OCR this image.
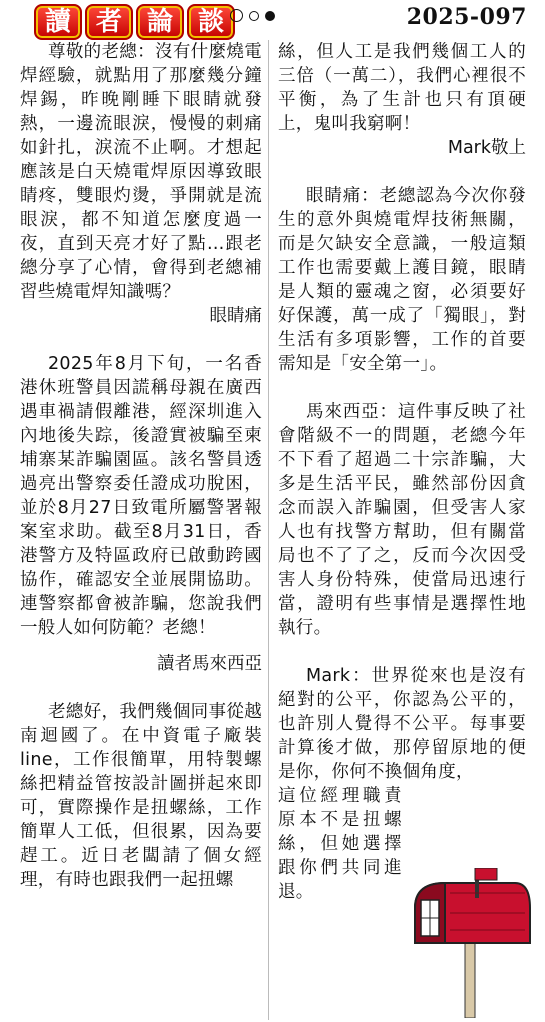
讀 者 論 談	2025-097

尊敬的老總：沒有什麼燒電焊經驗，就點用了那麼幾分鐘焊錫，昨晚剛睡下眼睛就發熱，一邊流眼淚，慢慢的刺痛如針扎，淚流不止啊。才想起應該是白天燒電焊原因導致眼睛疼，雙眼灼燙，爭開就是流眼淚，都不知道怎麼度過一夜，直到天亮才好了點…跟老總分享了心情，會得到老總補習些燒電焊知識嗎？

眼睛痛

2025年8月下旬，一名香港休班警員因謊稱母親在廣西遇車禍請假離港，經深圳進入內地後失踪，後證實被騙至柬埔寨某詐騙園區。該名警員透過亮出警察委任證成功脫困，並於8月27日致電所屬警署報案室求助。截至8月31日，香港警方及特區政府已啟動跨國協作，確認安全並展開協助。連警察都會被詐騙，您說我們一般人如何防範？老總！

讀者馬來西亞

老總好，我們幾個同事從越南迴國了。在中資電子廠裝line，工作很簡單，用特製螺絲把精益管按設計圖拼起來即可，實際操作是扭螺絲，工作簡單人工低，但很累，因為要趕工。近日老闆請了個女經理，有時也跟我們一起扭螺

絲，但人工是我們幾個工人的三倍（一萬二），我們心裡很不平衡，為了生計也只有頂硬上，鬼叫我窮啊！

Mark敬上

眼睛痛：老總認為今次你發生的意外與燒電焊技術無關，而是欠缺安全意識，一般這類工作也需要戴上護目鏡，眼睛是人類的靈魂之窗，必須要好好保護，萬一成了「獨眼」，對生活有多項影響，工作的首要需知是「安全第一」。

馬來西亞：這件事反映了社會階級不一的問題，老總今年不下看了超過二十宗詐騙，大多是生活平民，雖然部份因貪念而誤入詐騙園，但受害人家人也有找警方幫助，但有關當局也不了了之，反而今次因受害人身份特殊，使當局迅速行當，證明有些事情是選擇性地執行。

Mark：世界從來也是沒有絕對的公平，你認為公平的，也許別人覺得不公平。每事要計算後才做，那停留原地的便是你，你何不換個角度，

這位經理職責原本不是扭螺絲，但她選擇跟你們共同進退。
